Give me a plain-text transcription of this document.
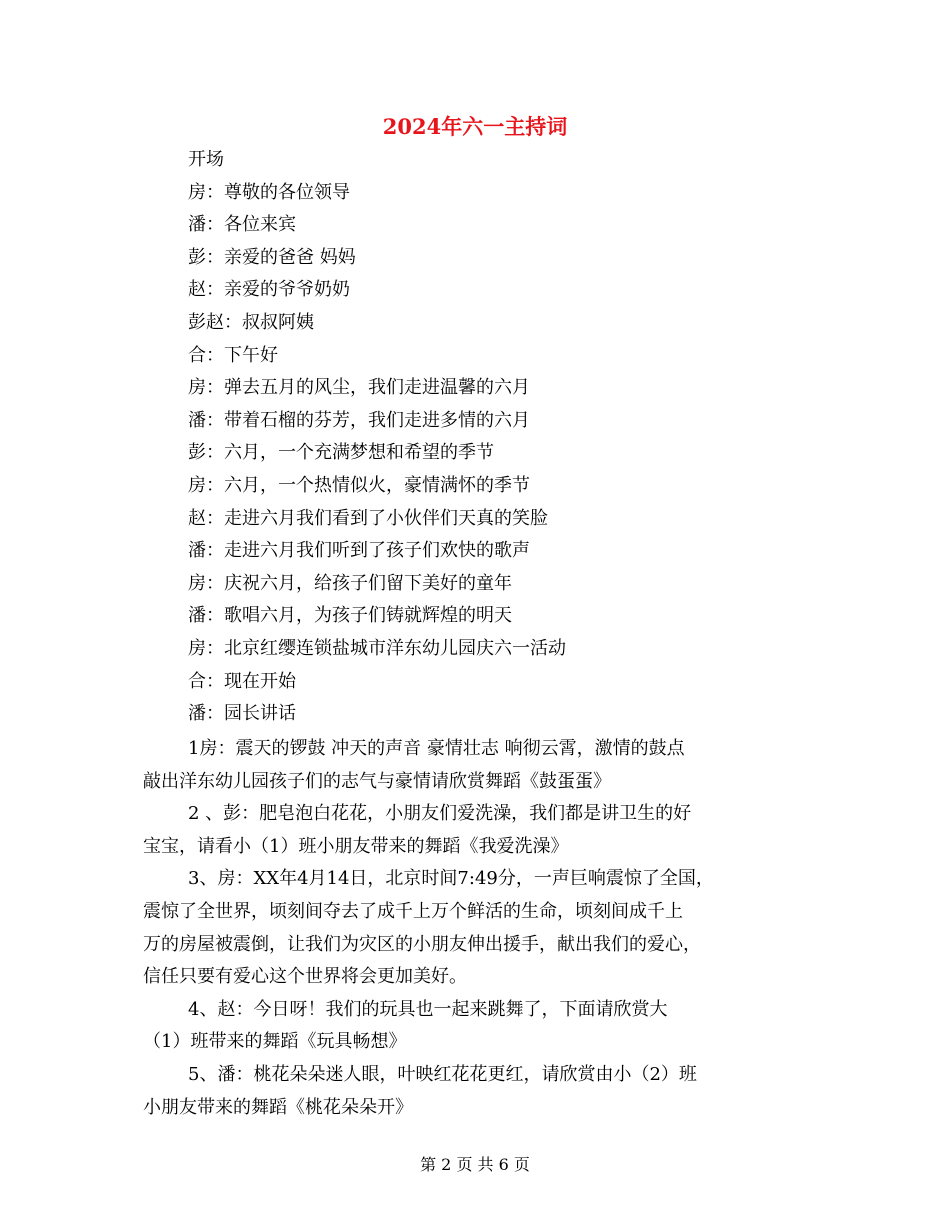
2024年六一主持词
开场
房：尊敬的各位领导
潘：各位来宾
彭：亲爱的爸爸 妈妈
赵：亲爱的爷爷奶奶
彭赵：叔叔阿姨
合：下午好
房：弹去五月的风尘，我们走进温馨的六月
潘：带着石榴的芬芳，我们走进多情的六月
彭：六月，一个充满梦想和希望的季节
房：六月，一个热情似火，豪情满怀的季节
赵：走进六月我们看到了小伙伴们天真的笑脸
潘：走进六月我们听到了孩子们欢快的歌声
房：庆祝六月，给孩子们留下美好的童年
潘：歌唱六月，为孩子们铸就辉煌的明天
房：北京红缨连锁盐城市洋东幼儿园庆六一活动
合：现在开始
潘：园长讲话

1房：震天的锣鼓 冲天的声音 豪情壮志 响彻云霄，激情的鼓点
敲出洋东幼儿园孩子们的志气与豪情请欣赏舞蹈《鼓蛋蛋》

2 、彭：肥皂泡白花花，小朋友们爱洗澡，我们都是讲卫生的好
宝宝，请看小（1）班小朋友带来的舞蹈《我爱洗澡》

3、房：XX年4月14日，北京时间7:49分，一声巨响震惊了全国，
震惊了全世界，顷刻间夺去了成千上万个鲜活的生命，顷刻间成千上
万的房屋被震倒，让我们为灾区的小朋友伸出援手，献出我们的爱心，
信任只要有爱心这个世界将会更加美好。

4、赵：今日呀！我们的玩具也一起来跳舞了，下面请欣赏大
（1）班带来的舞蹈《玩具畅想》

5、潘：桃花朵朵迷人眼，叶映红花花更红，请欣赏由小（2）班
小朋友带来的舞蹈《桃花朵朵开》

第 2 页 共 6 页
